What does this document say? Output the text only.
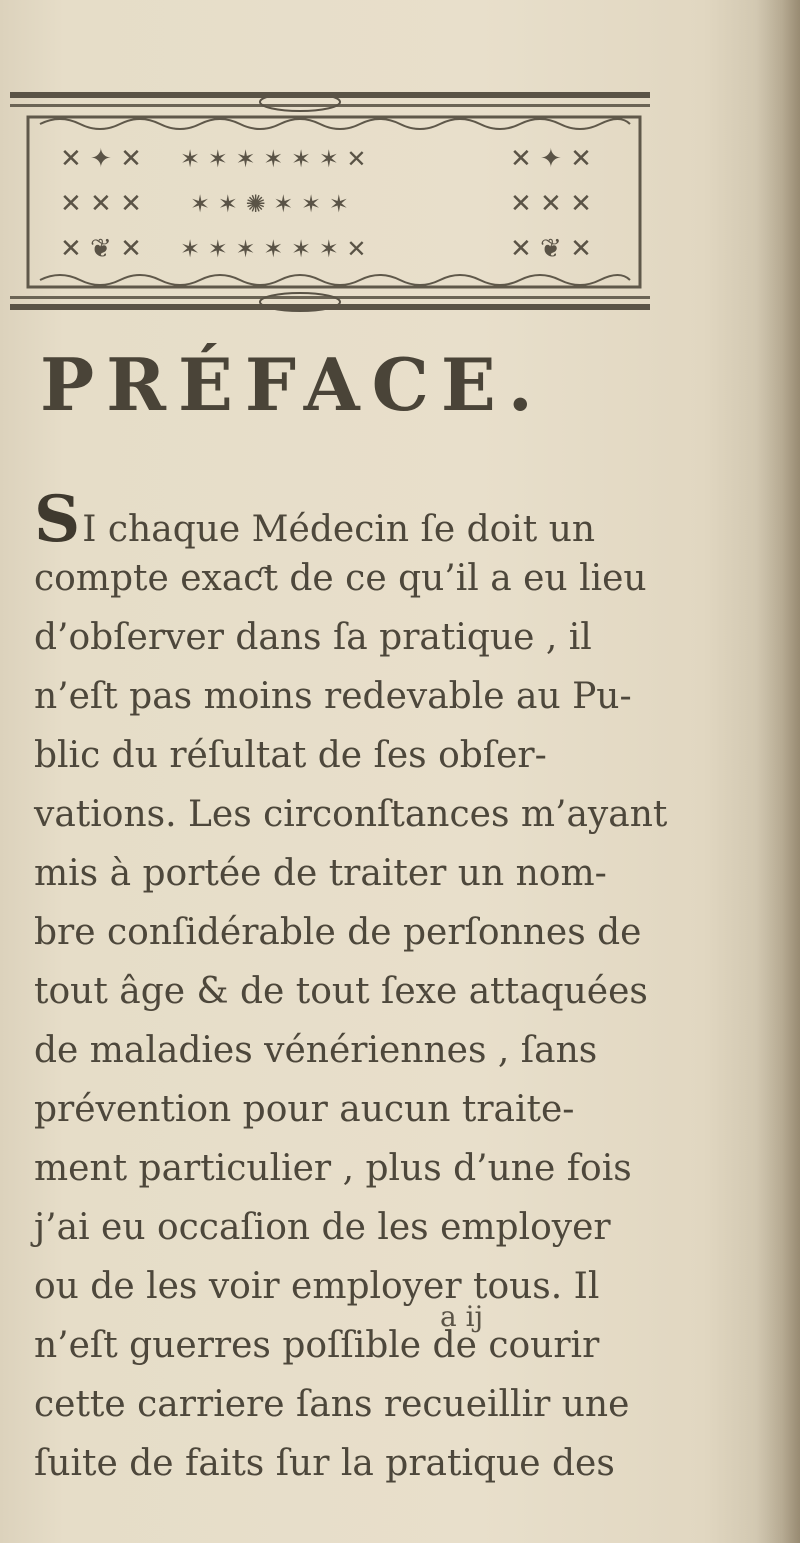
✕ ✦ ✕
✕ ✕ ✕
✕ ❦ ✕
✶ ✶ ✶ ✶ ✶ ✶ ✕
✶ ✶ ✺ ✶ ✶ ✶
✶ ✶ ✶ ✶ ✶ ✶ ✕
✕ ✦ ✕
✕ ✕ ✕
✕ ❦ ✕
PRÉFACE.
SI chaque Médecin ſe doit un
compte exaƈt de ce qu’il a eu lieu
d’obſerver dans ſa pratique , il
n’eſt pas moins redevable au Pu-
blic du réſultat de ſes obſer-
vations. Les circonſtances m’ayant
mis à portée de traiter un nom-
bre conſidérable de perſonnes de
tout âge & de tout ſexe attaquées
de maladies vénériennes , ſans
prévention pour aucun traite-
ment particulier , plus d’une fois
j’ai eu occaſion de les employer
ou de les voir employer tous. Il
n’eſt guerres poſſible de courir
cette carriere ſans recueillir une
ſuite de faits ſur la pratique des
a ij
